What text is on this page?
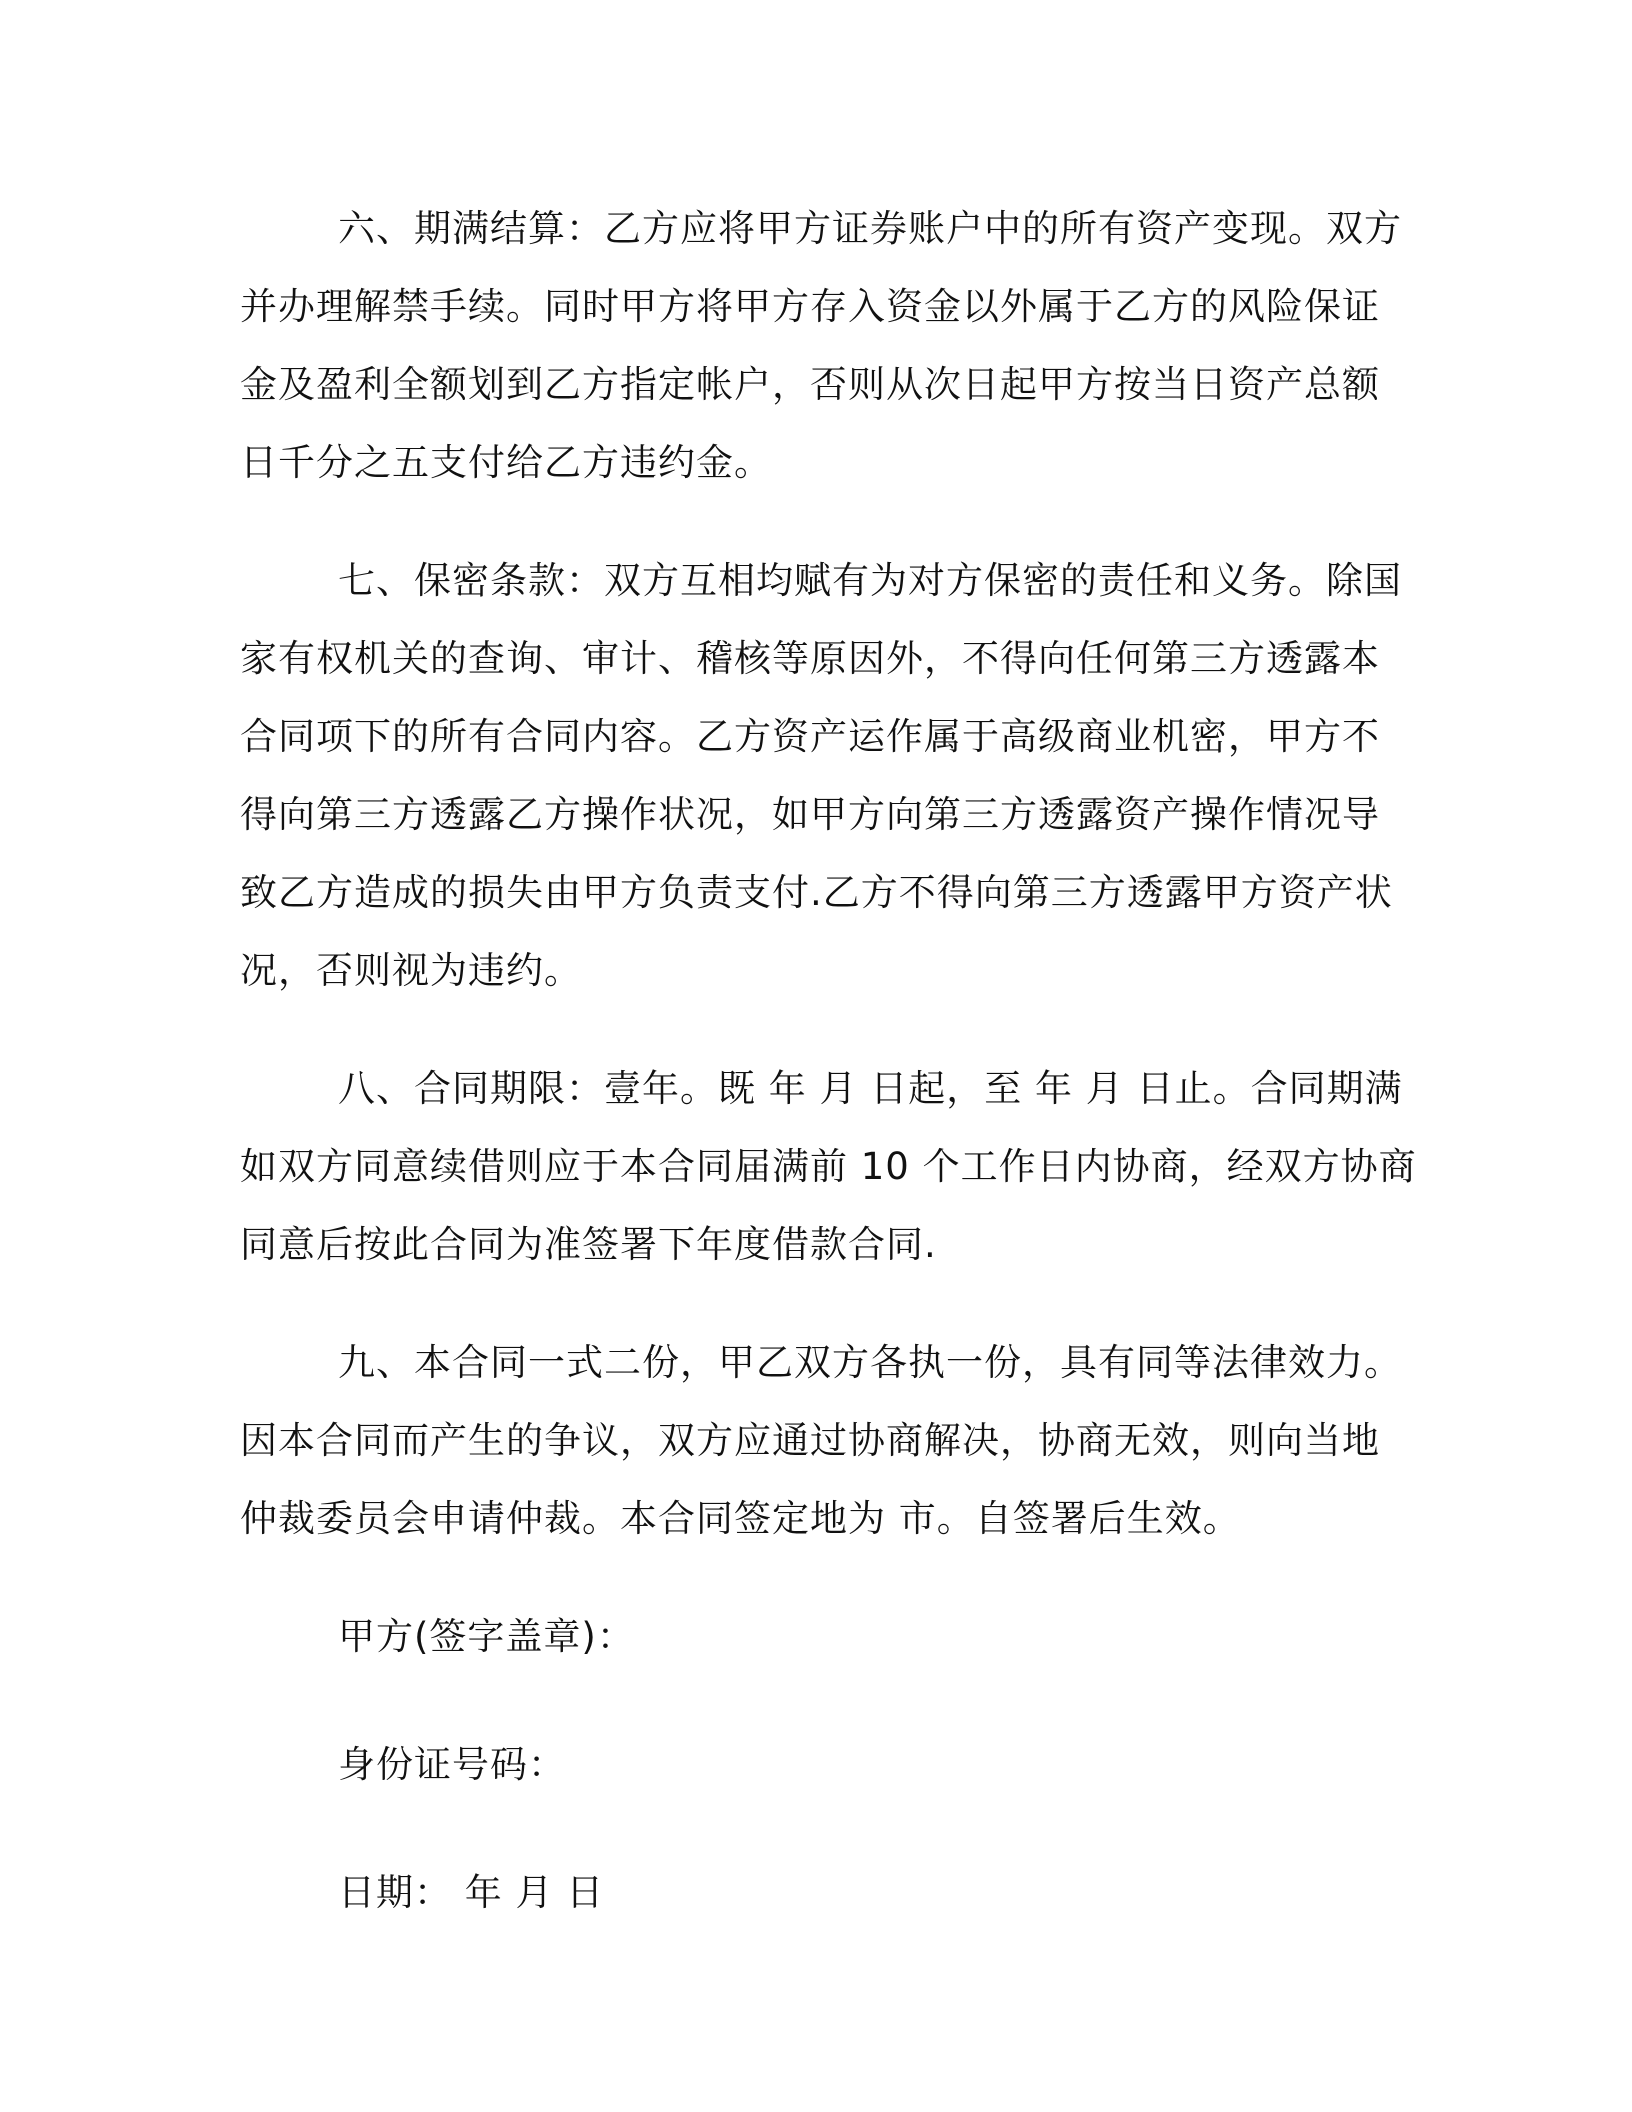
六、期满结算：乙方应将甲方证券账户中的所有资产变现。双方
并办理解禁手续。同时甲方将甲方存入资金以外属于乙方的风险保证
金及盈利全额划到乙方指定帐户，否则从次日起甲方按当日资产总额
日千分之五支付给乙方违约金。
七、保密条款：双方互相均赋有为对方保密的责任和义务。除国
家有权机关的查询、审计、稽核等原因外，不得向任何第三方透露本
合同项下的所有合同内容。乙方资产运作属于高级商业机密，甲方不
得向第三方透露乙方操作状况，如甲方向第三方透露资产操作情况导
致乙方造成的损失由甲方负责支付.乙方不得向第三方透露甲方资产状
况，否则视为违约。
八、合同期限：壹年。既 年 月 日起，至 年 月 日止。合同期满
如双方同意续借则应于本合同届满前 10 个工作日内协商，经双方协商
同意后按此合同为准签署下年度借款合同.
九、本合同一式二份，甲乙双方各执一份，具有同等法律效力。
因本合同而产生的争议，双方应通过协商解决，协商无效，则向当地
仲裁委员会申请仲裁。本合同签定地为 市。自签署后生效。
甲方(签字盖章)：
身份证号码：
日期： 年 月 日
